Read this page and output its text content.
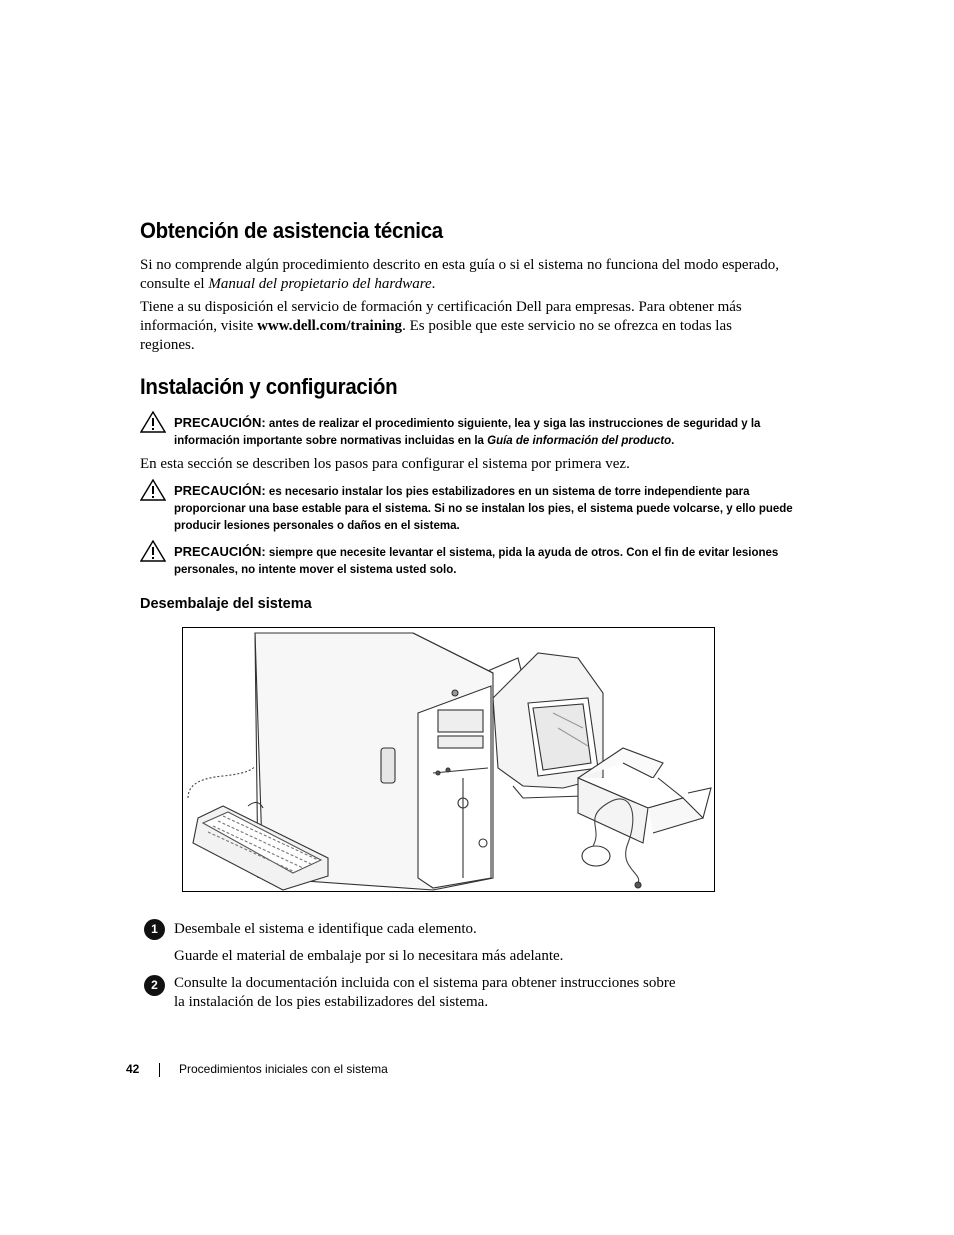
Obtención de asistencia técnica

Si no comprende algún procedimiento descrito en esta guía o si el sistema no funciona del modo esperado, consulte el Manual del propietario del hardware.

Tiene a su disposición el servicio de formación y certificación Dell para empresas. Para obtener más información, visite www.dell.com/training. Es posible que este servicio no se ofrezca en todas las regiones.

Instalación y configuración
PRECAUCIÓN: antes de realizar el procedimiento siguiente, lea y siga las instrucciones de seguridad y la información importante sobre normativas incluidas en la Guía de información del producto.

En esta sección se describen los pasos para configurar el sistema por primera vez.

PRECAUCIÓN: es necesario instalar los pies estabilizadores en un sistema de torre independiente para proporcionar una base estable para el sistema. Si no se instalan los pies, el sistema puede volcarse, y ello puede producir lesiones personales o daños en el sistema.
PRECAUCIÓN: siempre que necesite levantar el sistema, pida la ayuda de otros. Con el fin de evitar lesiones personales, no intente mover el sistema usted solo.
Desembalaje del sistema
1	Desembale el sistema e identifique cada elemento.

Guarde el material de embalaje por si lo necesitara más adelante.

2	Consulte la documentación incluida con el sistema para obtener instrucciones sobre la instalación de los pies estabilizadores del sistema.

42	Procedimientos iniciales con el sistema
